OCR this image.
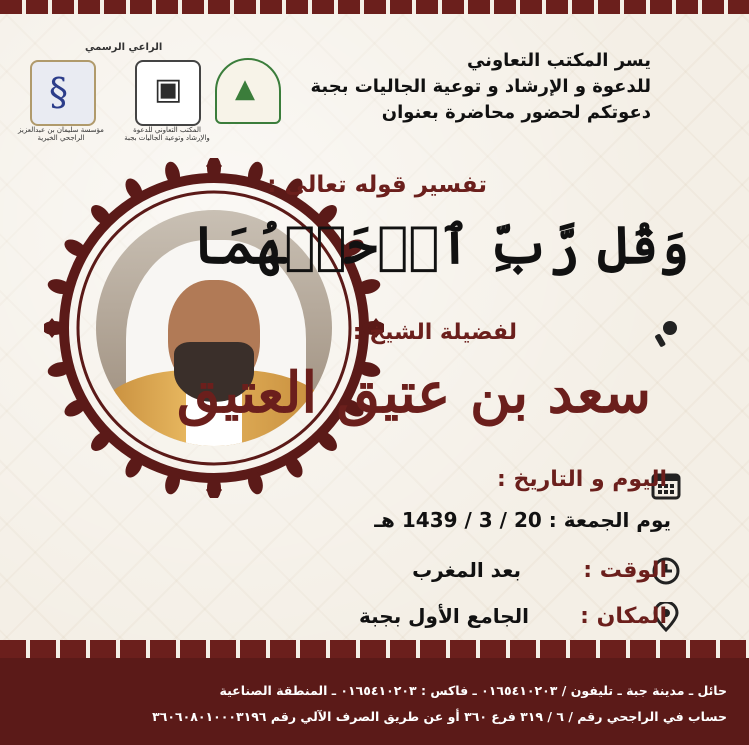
الراعي الرسمي
§
▣
▲
مؤسسة سليمان بن عبدالعزيز الراجحي الخيرية
المكتب التعاوني للدعوة والإرشاد وتوعية الجاليات بجبة
يسر المكتب التعاوني
للدعوة و الإرشاد و توعية الجاليات بجبة
دعوتكم لحضور محاضرة بعنوان
تفسير قوله تعالى :
وَقُل رَّبِّ ٱرۡحَمۡهُمَا
لفضيلة الشيخ :
سعد بن عتيق العتيق
اليوم و التاريخ :
يوم الجمعة : 20 / 3 / 1439 هـ
الوقت :
بعد المغرب
المكان :
الجامع الأول بجبة
حائل ـ مدينة جبة ـ تليفون / ٠١٦٥٤١٠٢٠٣ ـ فاكس : ٠١٦٥٤١٠٢٠٣ ـ المنطقة الصناعية
حساب في الراجحي رقم / ٦ / ٣١٩ فرع ٣٦٠ أو عن طريق الصرف الآلي رقم ٣٦٠٦٠٨٠١٠٠٠٣١٩٦
